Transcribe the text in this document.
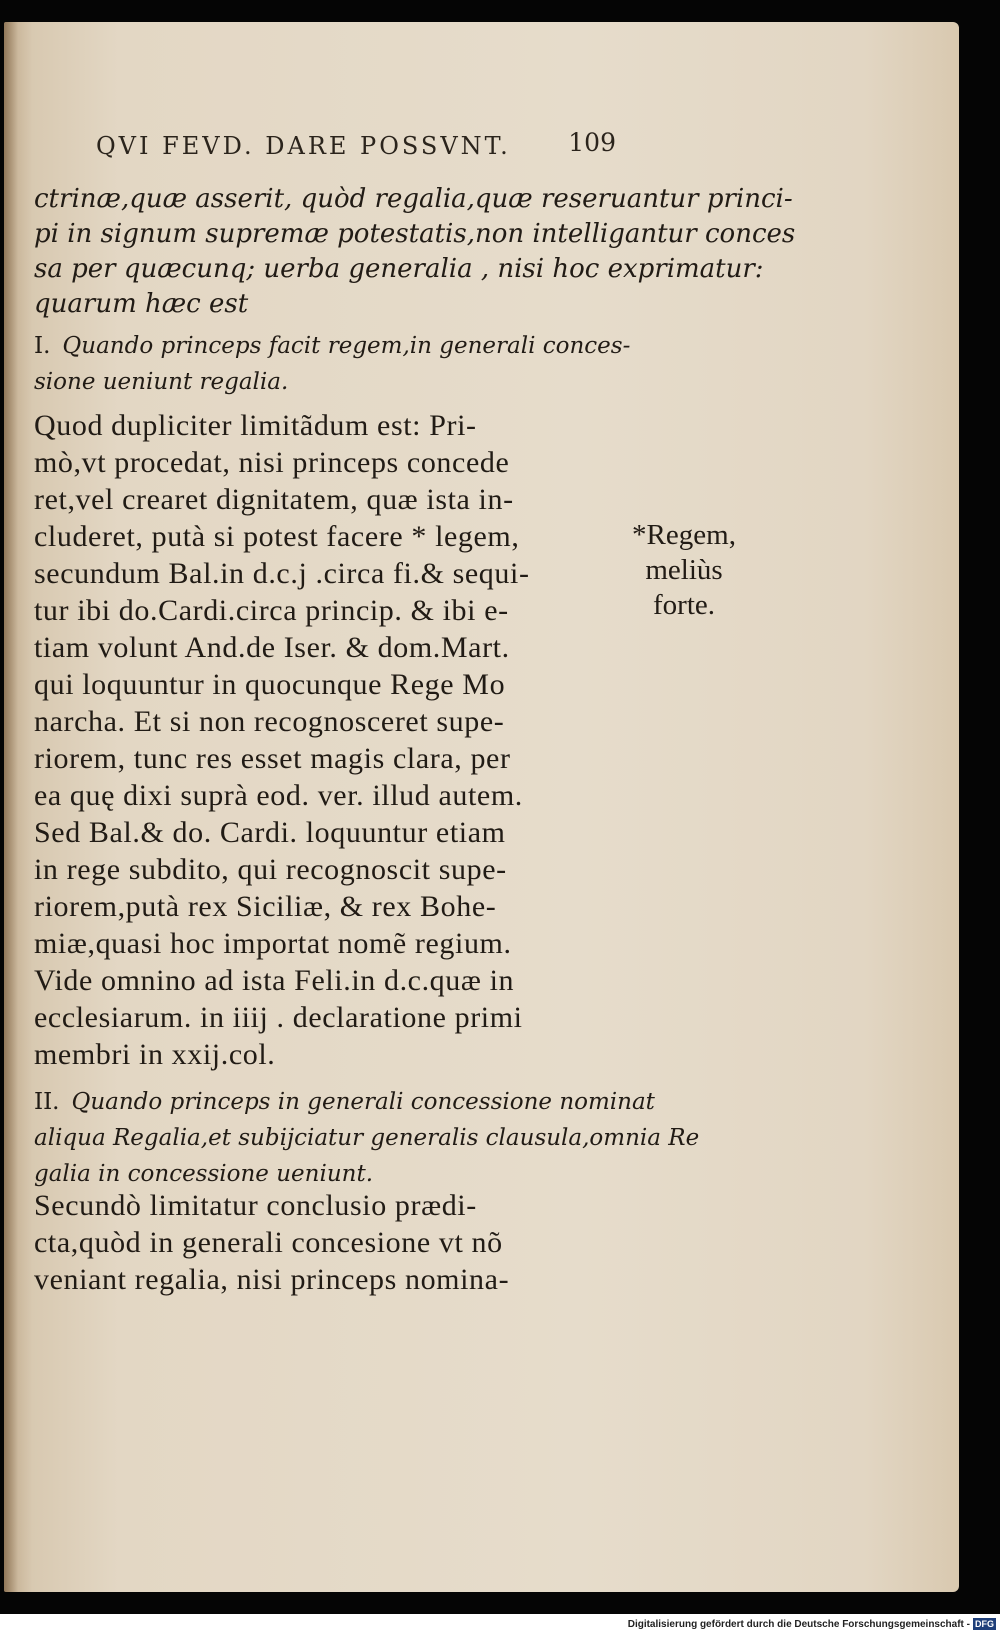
QVI FEVD. DARE POSSVNT. 109
ctrinæ,quæ asserit, quòd regalia,quæ reseruantur princi-
pi in signum supremæ potestatis,non intelligantur conces
sa per quæcunq; uerba generalia , nisi hoc exprimatur:
quarum hæc est
I. Quando princeps facit regem,in generali conces-
sione ueniunt regalia.
Quod dupliciter limitãdum est: Pri-
mò,vt procedat, nisi princeps concede
ret,vel crearet dignitatem, quæ ista in-
cluderet, putà si potest facere * legem,
secundum Bal.in d.c.j .circa fi.& sequi-
tur ibi do.Cardi.circa princip. & ibi e-
tiam volunt And.de Iser. & dom.Mart.
qui loquuntur in quocunque Rege Mo
narcha. Et si non recognosceret supe-
riorem, tunc res esset magis clara, per
ea quę dixi suprà eod. ver. illud autem.
Sed Bal.& do. Cardi. loquuntur etiam
in rege subdito, qui recognoscit supe-
riorem,putà rex Siciliæ, & rex Bohe-
miæ,quasi hoc importat nomẽ regium.
Vide omnino ad ista Feli.in d.c.quæ in
ecclesiarum. in iiij . declaratione primi
membri in xxij.col.
*Regem,
meliùs
forte.
II. Quando princeps in generali concessione nominat
aliqua Regalia,et subijciatur generalis clausula,omnia Re
galia in concessione ueniunt.
Secundò limitatur conclusio prædi-
cta,quòd in generali concesione vt nõ
veniant regalia, nisi princeps nomina-
Digitalisierung gefördert durch die Deutsche Forschungsgemeinschaft - DFG
